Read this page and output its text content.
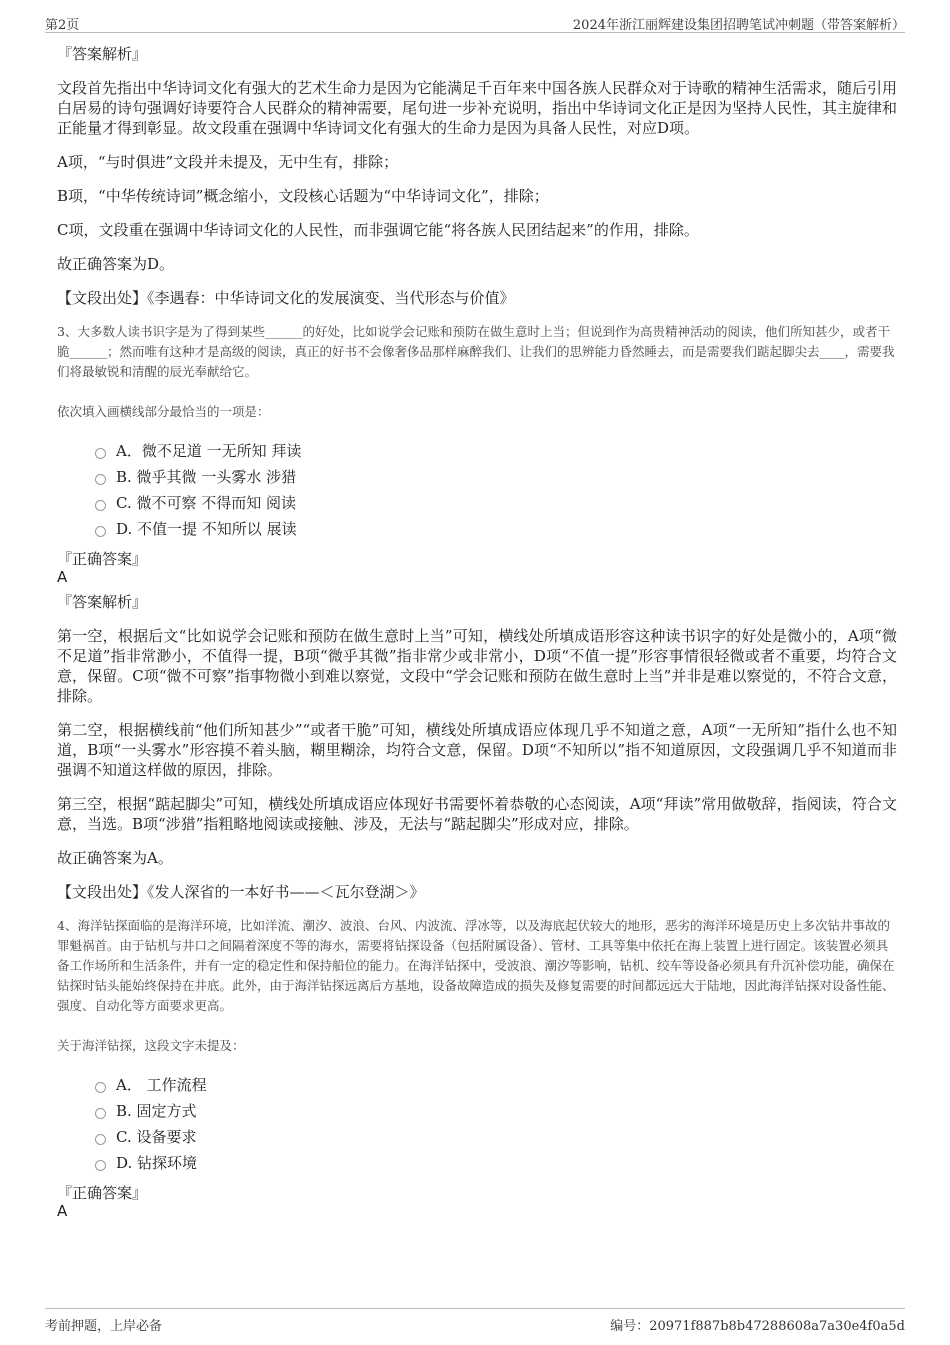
第2页	2024年浙江丽辉建设集团招聘笔试冲刺题（带答案解析）
『答案解析』

文段首先指出中华诗词文化有强大的艺术生命力是因为它能满足千百年来中国各族人民群众对于诗歌的精神生活需求，随后引用白居易的诗句强调好诗要符合人民群众的精神需要，尾句进一步补充说明，指出中华诗词文化正是因为坚持人民性，其主旋律和正能量才得到彰显。故文段重在强调中华诗词文化有强大的生命力是因为具备人民性，对应D项。

A项，“与时俱进”文段并未提及，无中生有，排除；

B项，“中华传统诗词”概念缩小，文段核心话题为“中华诗词文化”，排除；

C项，文段重在强调中华诗词文化的人民性，而非强调它能“将各族人民团结起来”的作用，排除。

故正确答案为D。

【文段出处】《李遇春：中华诗词文化的发展演变、当代形态与价值》

3、大多数人读书识字是为了得到某些______的好处，比如说学会记账和预防在做生意时上当；但说到作为高贵精神活动的阅读，他们所知甚少，或者干脆______；然而唯有这种才是高级的阅读，真正的好书不会像奢侈品那样麻醉我们、让我们的思辨能力昏然睡去，而是需要我们踮起脚尖去____，需要我们将最敏锐和清醒的辰光奉献给它。

依次填入画横线部分最恰当的一项是：
A．微不足道 一无所知 拜读
B. 微乎其微 一头雾水 涉猎
C. 微不可察 不得而知 阅读
D. 不值一提 不知所以 展读
『正确答案』
A
『答案解析』

第一空，根据后文“比如说学会记账和预防在做生意时上当”可知，横线处所填成语形容这种读书识字的好处是微小的，A项“微不足道”指非常渺小，不值得一提，B项“微乎其微”指非常少或非常小，D项“不值一提”形容事情很轻微或者不重要，均符合文意，保留。C项“微不可察”指事物微小到难以察觉，文段中“学会记账和预防在做生意时上当”并非是难以察觉的，不符合文意，排除。

第二空，根据横线前“他们所知甚少”“或者干脆”可知，横线处所填成语应体现几乎不知道之意，A项“一无所知”指什么也不知道，B项“一头雾水”形容摸不着头脑，糊里糊涂，均符合文意，保留。D项“不知所以”指不知道原因，文段强调几乎不知道而非强调不知道这样做的原因，排除。

第三空，根据“踮起脚尖”可知，横线处所填成语应体现好书需要怀着恭敬的心态阅读，A项“拜读”常用做敬辞，指阅读，符合文意，当选。B项“涉猎”指粗略地阅读或接触、涉及，无法与“踮起脚尖”形成对应，排除。

故正确答案为A。

【文段出处】《发人深省的一本好书——＜瓦尔登湖＞》

4、海洋钻探面临的是海洋环境，比如洋流、潮汐、波浪、台风、内波流、浮冰等，以及海底起伏较大的地形，恶劣的海洋环境是历史上多次钻井事故的罪魁祸首。由于钻机与井口之间隔着深度不等的海水，需要将钻探设备（包括附属设备）、管材、工具等集中依托在海上装置上进行固定。该装置必须具备工作场所和生活条件，并有一定的稳定性和保持船位的能力。在海洋钻探中，受波浪、潮汐等影响，钻机、绞车等设备必须具有升沉补偿功能，确保在钻探时钻头能始终保持在井底。此外，由于海洋钻探远离后方基地，设备故障造成的损失及修复需要的时间都远远大于陆地，因此海洋钻探对设备性能、强度、自动化等方面要求更高。

关于海洋钻探，这段文字未提及：
A． 工作流程
B. 固定方式
C. 设备要求
D. 钻探环境
『正确答案』
A
考前押题，上岸必备	编号：20971f887b8b47288608a7a30e4f0a5d
